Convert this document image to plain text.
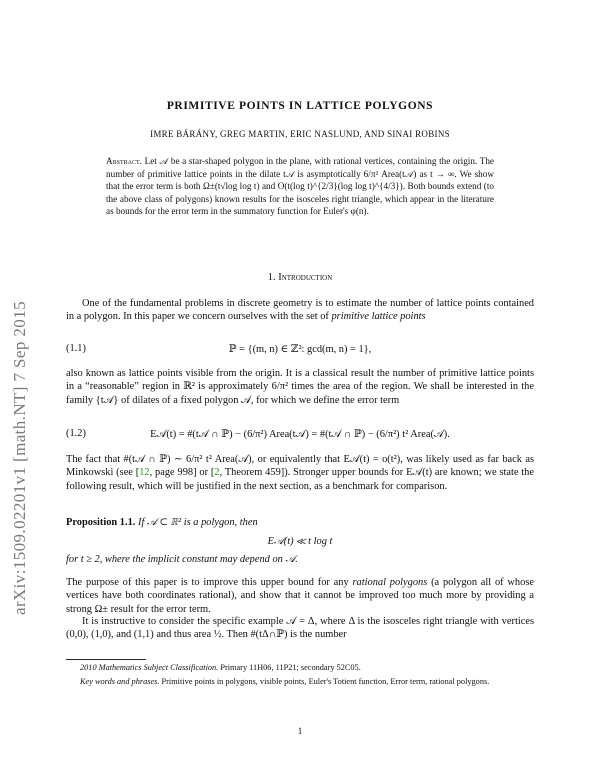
arXiv:1509.02201v1 [math.NT] 7 Sep 2015
PRIMITIVE POINTS IN LATTICE POLYGONS
IMRE BÁRÁNY, GREG MARTIN, ERIC NASLUND, AND SINAI ROBINS
Abstract. Let 𝒜 be a star-shaped polygon in the plane, with rational vertices, containing the origin. The number of primitive lattice points in the dilate t𝒜 is asymptotically 6/π² Area(t𝒜) as t → ∞. We show that the error term is both Ω±(t√log log t) and O(t(log t)^{2/3}(log log t)^{4/3}). Both bounds extend (to the above class of polygons) known results for the isosceles right triangle, which appear in the literature as bounds for the error term in the summatory function for Euler's φ(n).
1. Introduction
One of the fundamental problems in discrete geometry is to estimate the number of lattice points contained in a polygon. In this paper we concern ourselves with the set of primitive lattice points
(1.1)	ℙ = {(m, n) ∈ ℤ²: gcd(m, n) = 1},
also known as lattice points visible from the origin. It is a classical result the number of primitive lattice points in a “reasonable” region in ℝ² is approximately 6/π² times the area of the region. We shall be interested in the family {t𝒜} of dilates of a fixed polygon 𝒜, for which we define the error term
(1.2)	E𝒜(t) = #(t𝒜 ∩ ℙ) − (6/π²) Area(t𝒜) = #(t𝒜 ∩ ℙ) − (6/π²) t² Area(𝒜).
The fact that #(t𝒜 ∩ ℙ) ∼ 6/π² t² Area(𝒜), or equivalently that E𝒜(t) = o(t²), was likely used as far back as Minkowski (see [12, page 998] or [2, Theorem 459]). Stronger upper bounds for E𝒜(t) are known; we state the following result, which will be justified in the next section, as a benchmark for comparison.
Proposition 1.1. If 𝒜 ⊂ ℝ² is a polygon, then
E𝒜(t) ≪ t log t
for t ≥ 2, where the implicit constant may depend on 𝒜.
The purpose of this paper is to improve this upper bound for any rational polygons (a polygon all of whose vertices have both coordinates rational), and show that it cannot be improved too much more by providing a strong Ω± result for the error term.
It is instructive to consider the specific example 𝒜 = Δ, where Δ is the isosceles right triangle with vertices (0,0), (1,0), and (1,1) and thus area ½. Then #(tΔ∩ℙ) is the number
2010 Mathematics Subject Classification. Primary 11H06, 11P21; secondary 52C05.
Key words and phrases. Primitive points in polygons, visible points, Euler's Totient function, Error term, rational polygons.
1
